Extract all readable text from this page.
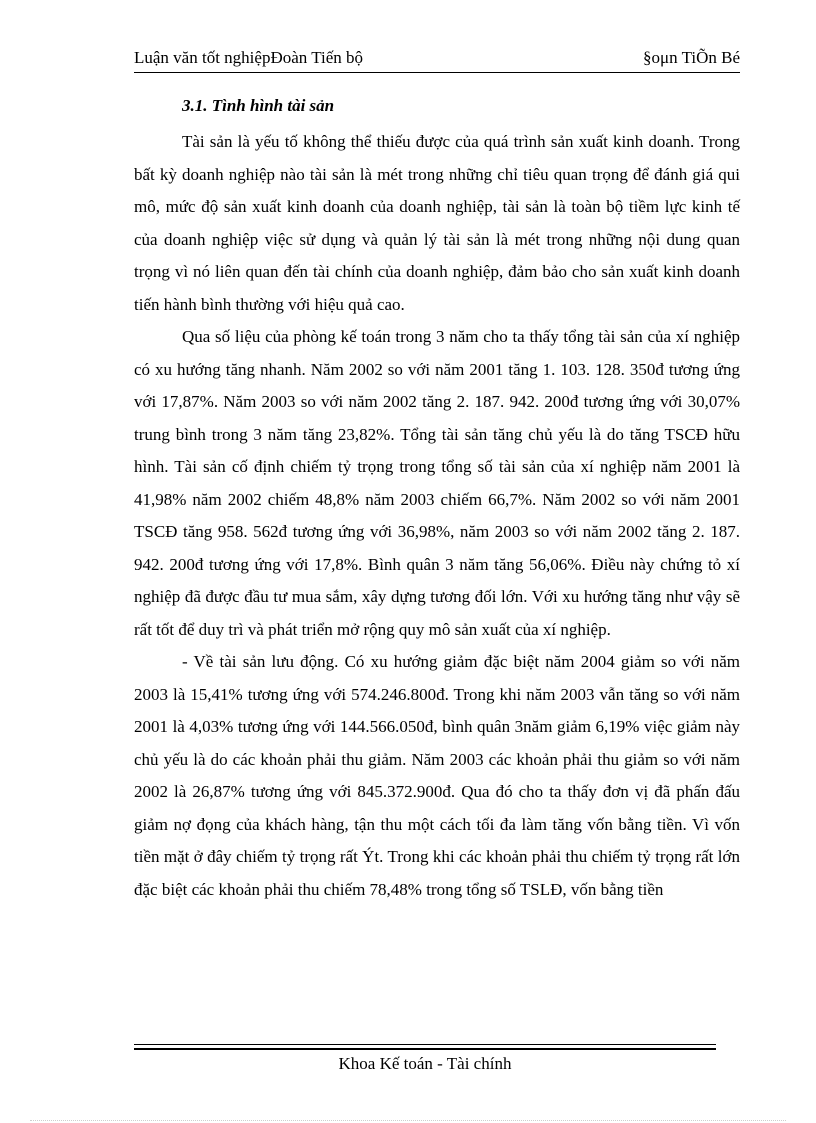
Luận văn tốt nghiệpĐoàn Tiến bộ	§oμn TiÕn Bé
3.1. Tình hình tài sản

Tài sản là yếu tố không thể thiếu được của quá trình sản xuất kinh doanh. Trong bất kỳ doanh nghiệp nào tài sản là mét trong những chỉ tiêu quan trọng để đánh giá qui mô, mức độ sản xuất kinh doanh của doanh nghiệp, tài sản là toàn bộ tiềm lực kinh tế của doanh nghiệp việc sử dụng và quản lý tài sản là mét trong những nội dung quan trọng vì nó liên quan đến tài chính của doanh nghiệp, đảm bảo cho sản xuất kinh doanh tiến hành bình thường với hiệu quả cao.

Qua số liệu của phòng kế toán trong 3 năm cho ta thấy tổng tài sản của xí nghiệp có xu hướng tăng nhanh. Năm 2002 so với năm 2001 tăng 1. 103. 128. 350đ tương ứng với 17,87%. Năm 2003 so với năm 2002 tăng 2. 187. 942. 200đ tương ứng với 30,07% trung bình trong 3 năm tăng 23,82%. Tổng tài sản tăng chủ yếu là do tăng TSCĐ hữu hình. Tài sản cố định chiếm tỷ trọng trong tổng số tài sản của xí nghiệp năm 2001 là 41,98% năm 2002 chiếm 48,8% năm 2003 chiếm 66,7%. Năm 2002 so với năm 2001 TSCĐ tăng 958. 562đ tương ứng với 36,98%, năm 2003 so với năm 2002 tăng 2. 187. 942. 200đ tương ứng với 17,8%. Bình quân 3 năm tăng 56,06%. Điều này chứng tỏ xí nghiệp đã được đầu tư mua sắm, xây dựng tương đối lớn. Với xu hướng tăng như vậy sẽ rất tốt để duy trì và phát triển mở rộng quy mô sản xuất của xí nghiệp.

- Về tài sản lưu động. Có xu hướng giảm đặc biệt năm 2004 giảm so với năm 2003 là 15,41% tương ứng với 574.246.800đ. Trong khi năm 2003 vẫn tăng so với năm 2001 là 4,03% tương ứng với 144.566.050đ, bình quân 3năm giảm 6,19% việc giảm này chủ yếu là do các khoản phải thu giảm. Năm 2003 các khoản phải thu giảm so với năm 2002 là 26,87% tương ứng với 845.372.900đ. Qua đó cho ta thấy đơn vị đã phấn đấu giảm nợ đọng của khách hàng, tận thu một cách tối đa làm tăng vốn bằng tiền. Vì vốn tiền mặt ở đây chiếm tỷ trọng rất Ýt. Trong khi các khoản phải thu chiếm tỷ trọng rất lớn đặc biệt các khoản phải thu chiếm 78,48% trong tổng số TSLĐ, vốn bằng tiền

Khoa Kế toán - Tài chính
